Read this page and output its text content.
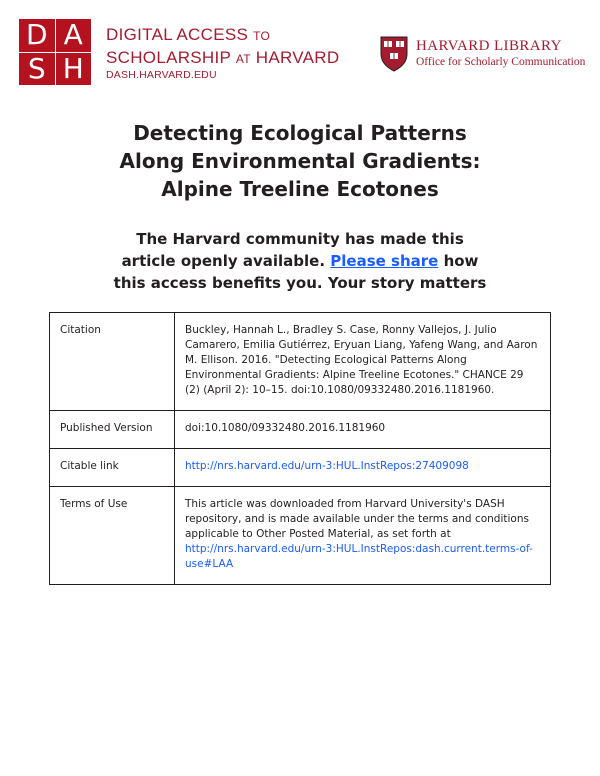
D A
S H
DIGITAL ACCESS TO
SCHOLARSHIP AT HARVARD
DASH.HARVARD.EDU
HARVARD LIBRARY
Office for Scholarly Communication
Detecting Ecological Patterns
Along Environmental Gradients:
Alpine Treeline Ecotones
The Harvard community has made this
article openly available. Please share how
this access benefits you. Your story matters
Citation	Buckley, Hannah L., Bradley S. Case, Ronny Vallejos, J. Julio Camarero, Emilia Gutiérrez, Eryuan Liang, Yafeng Wang, and Aaron M. Ellison. 2016. "Detecting Ecological Patterns Along Environmental Gradients: Alpine Treeline Ecotones." CHANCE 29 (2) (April 2): 10–15. doi:10.1080/09332480.2016.1181960.
Published Version	doi:10.1080/09332480.2016.1181960
Citable link	http://nrs.harvard.edu/urn-3:HUL.InstRepos:27409098
Terms of Use	This article was downloaded from Harvard University's DASH repository, and is made available under the terms and conditions applicable to Other Posted Material, as set forth at http://nrs.harvard.edu/urn-3:HUL.InstRepos:dash.current.terms-of-use#LAA
